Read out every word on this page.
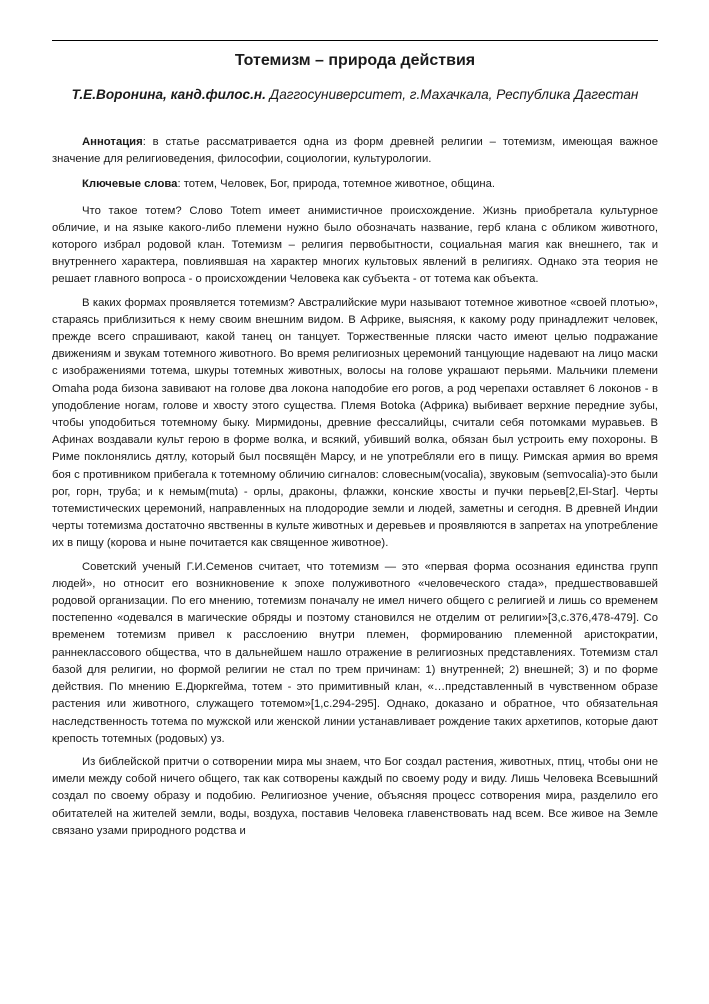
Тотемизм – природа действия

Т.Е.Воронина, канд.филос.н. Даггосуниверситет, г.Махачкала, Республика Дагестан

Аннотация: в статье рассматривается одна из форм древней религии – тотемизм, имеющая важное значение для религиоведения, философии, социологии, культурологии.

Ключевые слова: тотем, Человек, Бог, природа, тотемное животное, община.

Что такое тотем? Слово Totem имеет анимистичное происхождение. Жизнь приобретала культурное обличие, и на языке какого-либо племени нужно было обозначать название, герб клана с обликом животного, которого избрал родовой клан. Тотемизм – религия первобытности, социальная магия как внешнего, так и внутреннего характера, повлиявшая на характер многих культовых явлений в религиях. Однако эта теория не решает главного вопроса - о происхождении Человека как субъекта - от тотема как объекта.

В каких формах проявляется тотемизм? Австралийские мури называют тотемное животное «своей плотью», стараясь приблизиться к нему своим внешним видом. В Африке, выясняя, к какому роду принадлежит человек, прежде всего спрашивают, какой танец он танцует. Торжественные пляски часто имеют целью подражание движениям и звукам тотемного животного. Во время религиозных церемоний танцующие надевают на лицо маски с изображениями тотема, шкуры тотемных животных, волосы на голове украшают перьями. Мальчики племени Omaha рода бизона завивают на голове два локона наподобие его рогов, а род черепахи оставляет 6 локонов - в уподобление ногам, голове и хвосту этого существа. Племя Botoka (Африка) выбивает верхние передние зубы, чтобы уподобиться тотемному быку. Мирмидоны, древние фессалийцы, считали себя потомками муравьев. В Афинах воздавали культ герою в форме волка, и всякий, убивший волка, обязан был устроить ему похороны. В Риме поклонялись дятлу, который был посвящён Марсу, и не употребляли его в пищу. Римская армия во время боя с противником прибегала к тотемному обличию сигналов: словесным(vocalia), звуковым (semvocalia)-это были рог, горн, труба; и к немым(muta) - орлы, драконы, флажки, конские хвосты и пучки перьев[2,El-Star]. Черты тотемистических церемоний, направленных на плодородие земли и людей, заметны и сегодня. В древней Индии черты тотемизма достаточно явственны в культе животных и деревьев и проявляются в запретах на употребление их в пищу (корова и ныне почитается как священное животное).

Советский ученый Г.И.Семенов считает, что тотемизм — это «первая форма осознания единства групп людей», но относит его возникновение к эпохе полуживотного «человеческого стада», предшествовавшей родовой организации. По его мнению, тотемизм поначалу не имел ничего общего с религией и лишь со временем постепенно «одевался в магические обряды и поэтому становился не отделим от религии»[3,с.376,478-479]. Со временем тотемизм привел к расслоению внутри племен, формированию племенной аристократии, раннеклассового общества, что в дальнейшем нашло отражение в религиозных представлениях. Тотемизм стал базой для религии, но формой религии не стал по трем причинам: 1) внутренней; 2) внешней; 3) и по форме действия. По мнению Е.Дюркгейма, тотем - это примитивный клан, «…представленный в чувственном образе растения или животного, служащего тотемом»[1,с.294-295]. Однако, доказано и обратное, что обязательная наследственность тотема по мужской или женской линии устанавливает рождение таких архетипов, которые дают крепость тотемных (родовых) уз.

Из библейской притчи о сотворении мира мы знаем, что Бог создал растения, животных, птиц, чтобы они не имели между собой ничего общего, так как сотворены каждый по своему роду и виду. Лишь Человека Всевышний создал по своему образу и подобию. Религиозное учение, объясняя процесс сотворения мира, разделило его обитателей на жителей земли, воды, воздуха, поставив Человека главенствовать над всем. Все живое на Земле связано узами природного родства и
